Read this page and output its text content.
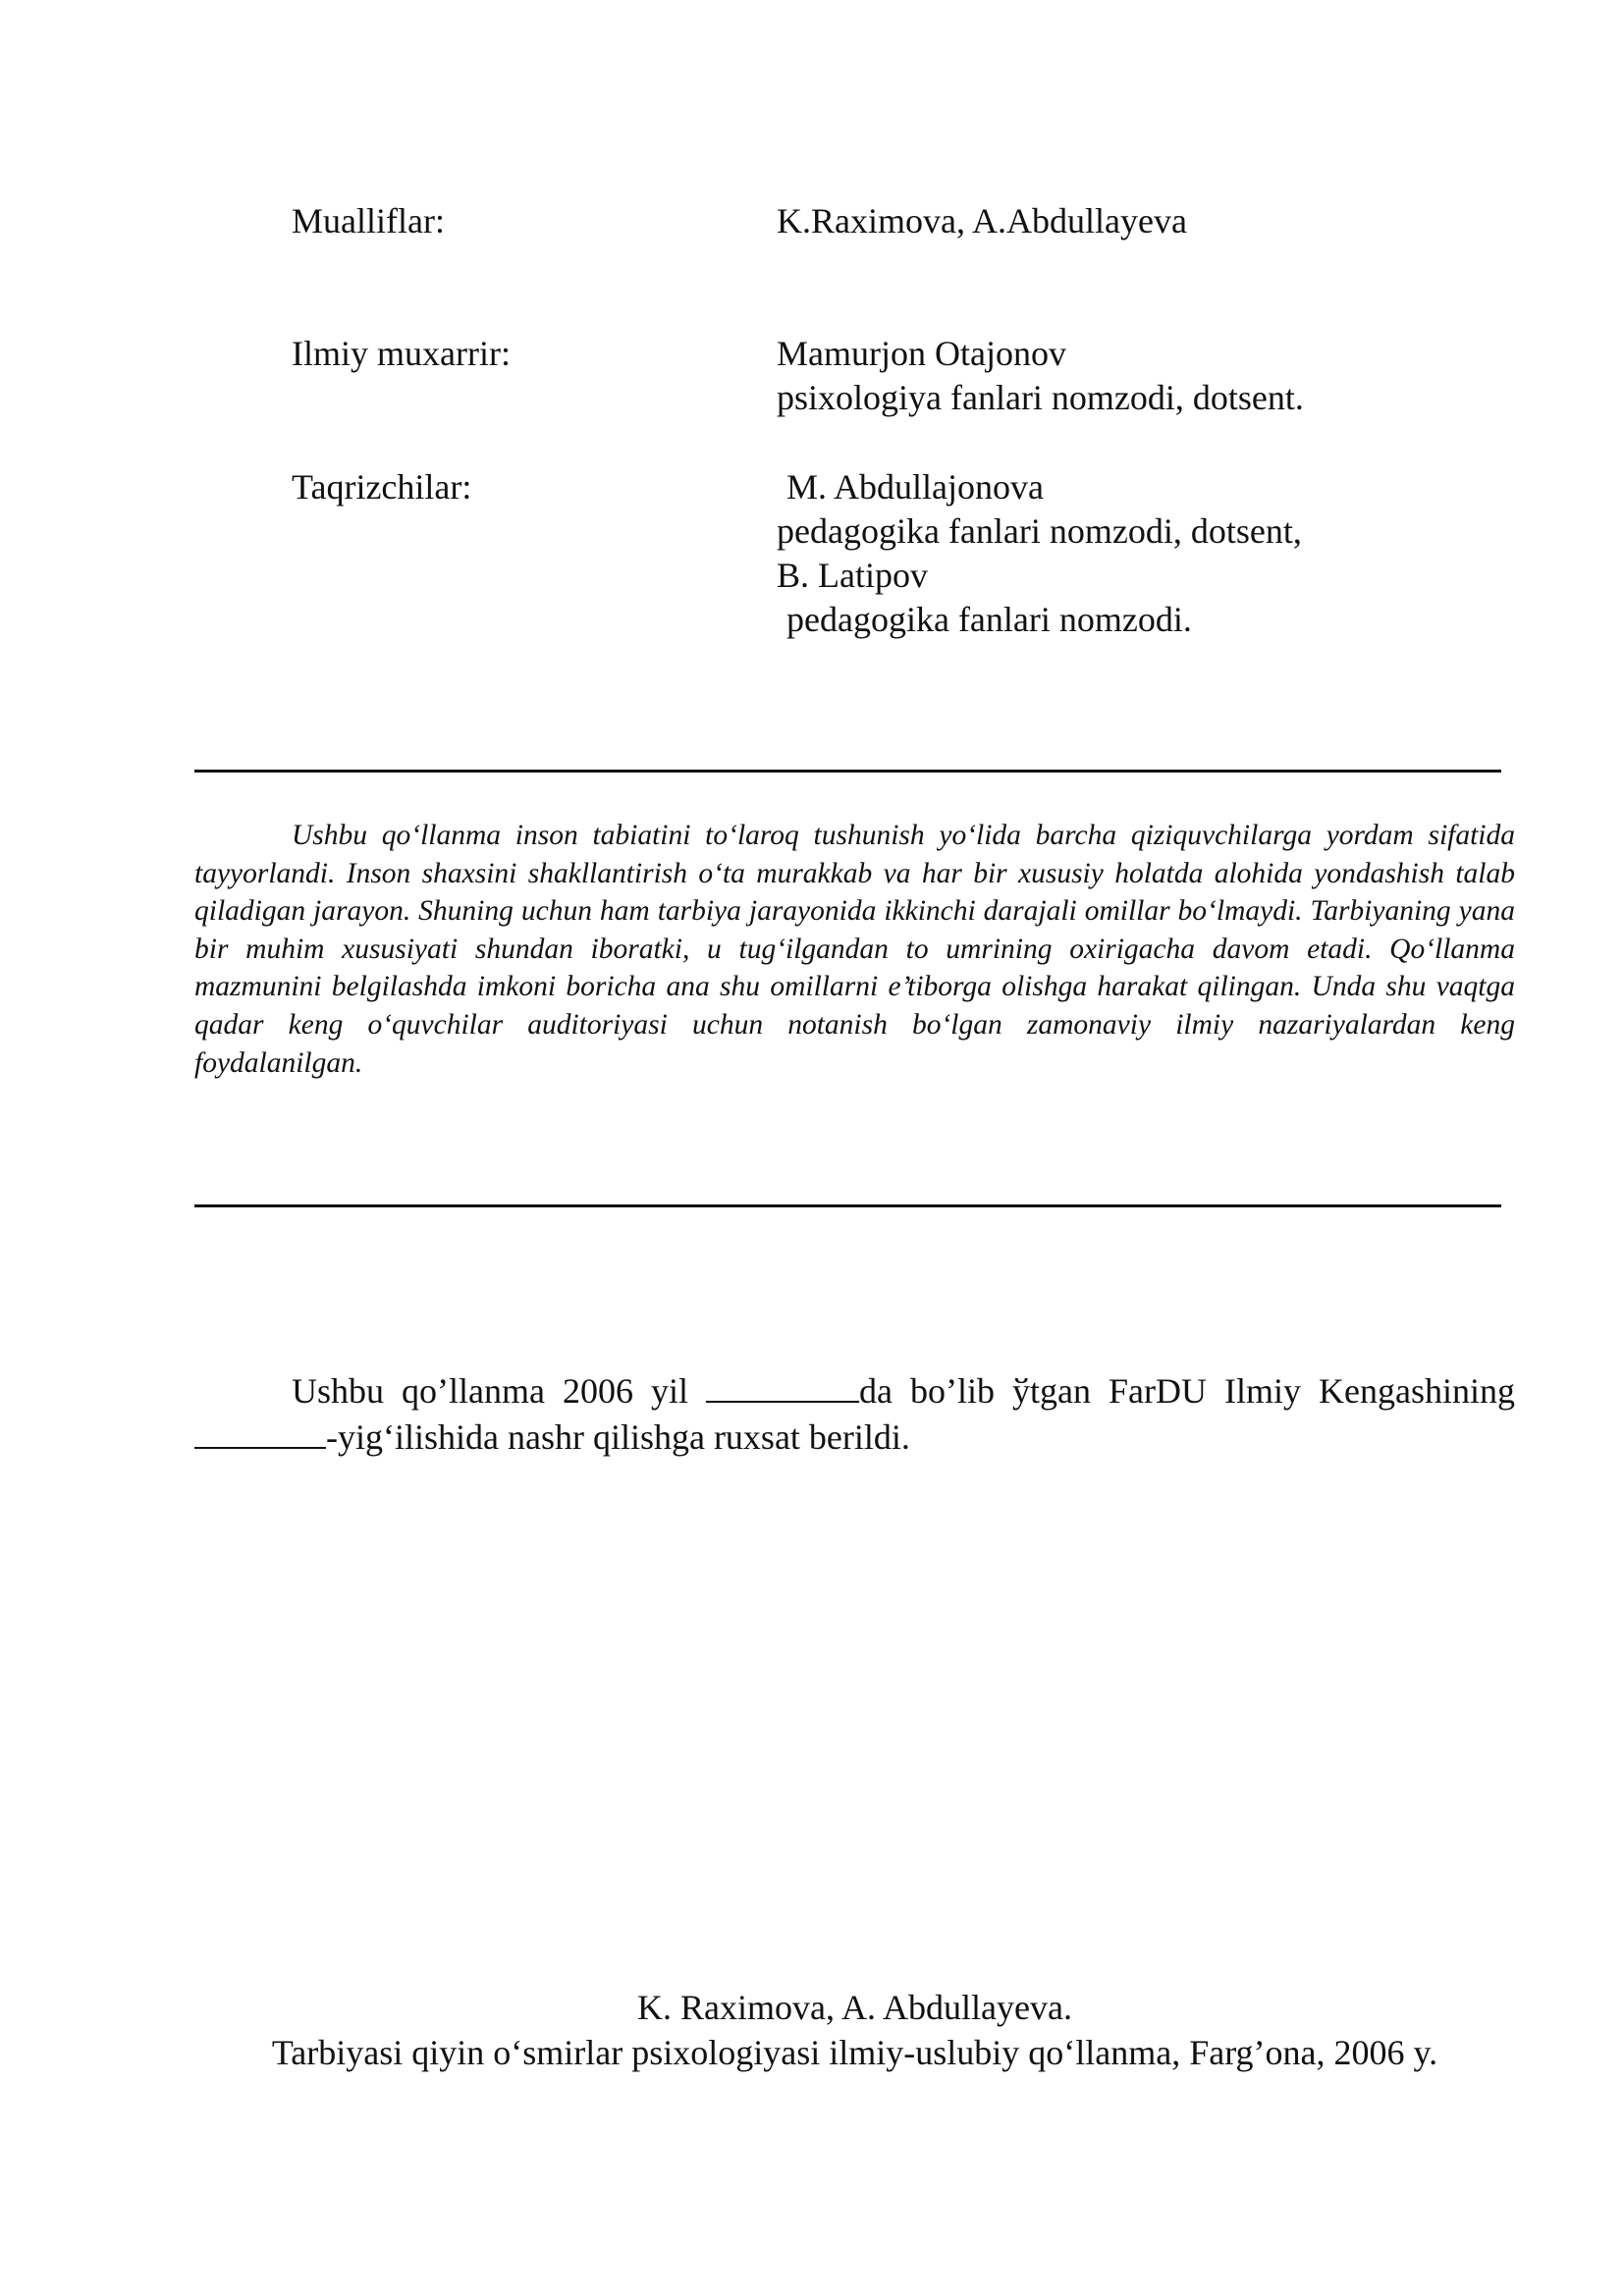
Mualliflar:	K.Raximova, A.Abdullayeva
Ilmiy muxarrir:	Mamurjon Otajonov
psixologiya fanlari nomzodi, dotsent.
Taqrizchilar:	M. Abdullajonova
pedagogika fanlari nomzodi, dotsent,
B. Latipov
pedagogika fanlari nomzodi.
Ushbu qo‘llanma inson tabiatini to‘laroq tushunish yo‘lida barcha qiziquvchilarga yordam sifatida tayyorlandi. Inson shaxsini shakllantirish o‘ta murakkab va har bir xususiy holatda alohida yondashish talab qiladigan jarayon. Shuning uchun ham tarbiya jarayonida ikkinchi darajali omillar bo‘lmaydi. Tarbiyaning yana bir muhim xususiyati shundan iboratki, u tug‘ilgandan to umrining oxirigacha davom etadi. Qo‘llanma mazmunini belgilashda imkoni boricha ana shu omillarni e’tiborga olishga harakat qilingan. Unda shu vaqtga qadar keng o‘quvchilar auditoriyasi uchun notanish bo‘lgan zamonaviy ilmiy nazariyalardan keng foydalanilgan.
Ushbu qo’llanma 2006 yil	da bo’lib ўtgan FarDU Ilmiy Kengashining -yig‘ilishida nashr qilishga ruxsat berildi.
K. Raximova, A. Abdullayeva.
Tarbiyasi qiyin o‘smirlar psixologiyasi ilmiy-uslubiy qo‘llanma, Farg’ona, 2006 y.
